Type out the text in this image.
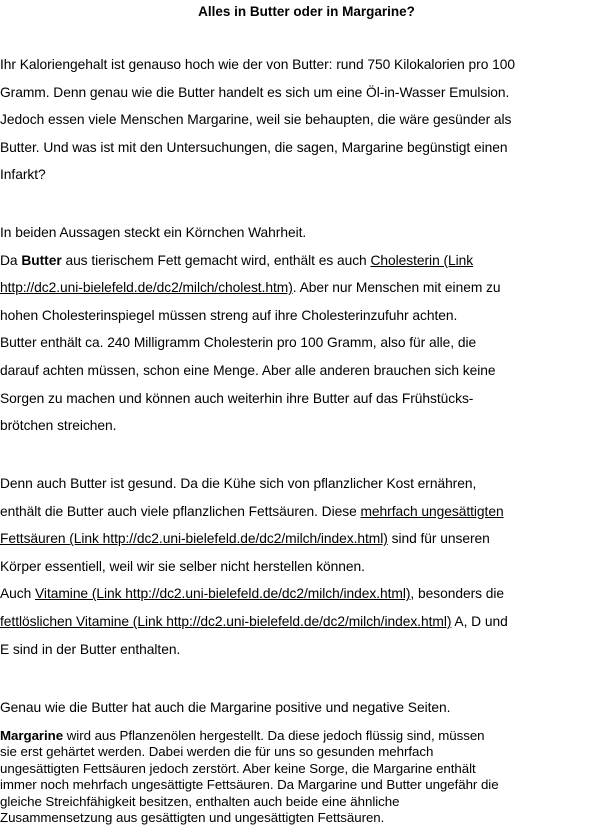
Alles in Butter oder in Margarine?
Ihr Kaloriengehalt ist genauso hoch wie der von Butter: rund 750 Kilokalorien pro 100
Gramm. Denn genau wie die Butter handelt es sich um eine Öl-in-Wasser Emulsion.
Jedoch essen viele Menschen Margarine, weil sie behaupten, die wäre gesünder als
Butter. Und was ist mit den Untersuchungen, die sagen, Margarine begünstigt einen
Infarkt?
In beiden Aussagen steckt ein Körnchen Wahrheit.
Da Butter aus tierischem Fett gemacht wird, enthält es auch Cholesterin (Link
http://dc2.uni-bielefeld.de/dc2/milch/cholest.htm). Aber nur Menschen mit einem zu
hohen Cholesterinspiegel müssen streng auf ihre Cholesterinzufuhr achten.
Butter enthält ca. 240 Milligramm Cholesterin pro 100 Gramm, also für alle, die
darauf achten müssen, schon eine Menge. Aber alle anderen brauchen sich keine
Sorgen zu machen und können auch weiterhin ihre Butter auf das Frühstücks-
brötchen streichen.
Denn auch Butter ist gesund. Da die Kühe sich von pflanzlicher Kost ernähren,
enthält die Butter auch viele pflanzlichen Fettsäuren. Diese mehrfach ungesättigten
Fettsäuren (Link http://dc2.uni-bielefeld.de/dc2/milch/index.html) sind für unseren
Körper essentiell, weil wir sie selber nicht herstellen können.
Auch Vitamine (Link http://dc2.uni-bielefeld.de/dc2/milch/index.html), besonders die
fettlöslichen Vitamine (Link http://dc2.uni-bielefeld.de/dc2/milch/index.html) A, D und
E sind in der Butter enthalten.
Genau wie die Butter hat auch die Margarine positive und negative Seiten.
Margarine wird aus Pflanzenölen hergestellt. Da diese jedoch flüssig sind, müssen
sie erst gehärtet werden. Dabei werden die für uns so gesunden mehrfach
ungesättigten Fettsäuren jedoch zerstört. Aber keine Sorge, die Margarine enthält
immer noch mehrfach ungesättigte Fettsäuren. Da Margarine und Butter ungefähr die
gleiche Streichfähigkeit besitzen, enthalten auch beide eine ähnliche
Zusammensetzung aus gesättigten und ungesättigten Fettsäuren.
